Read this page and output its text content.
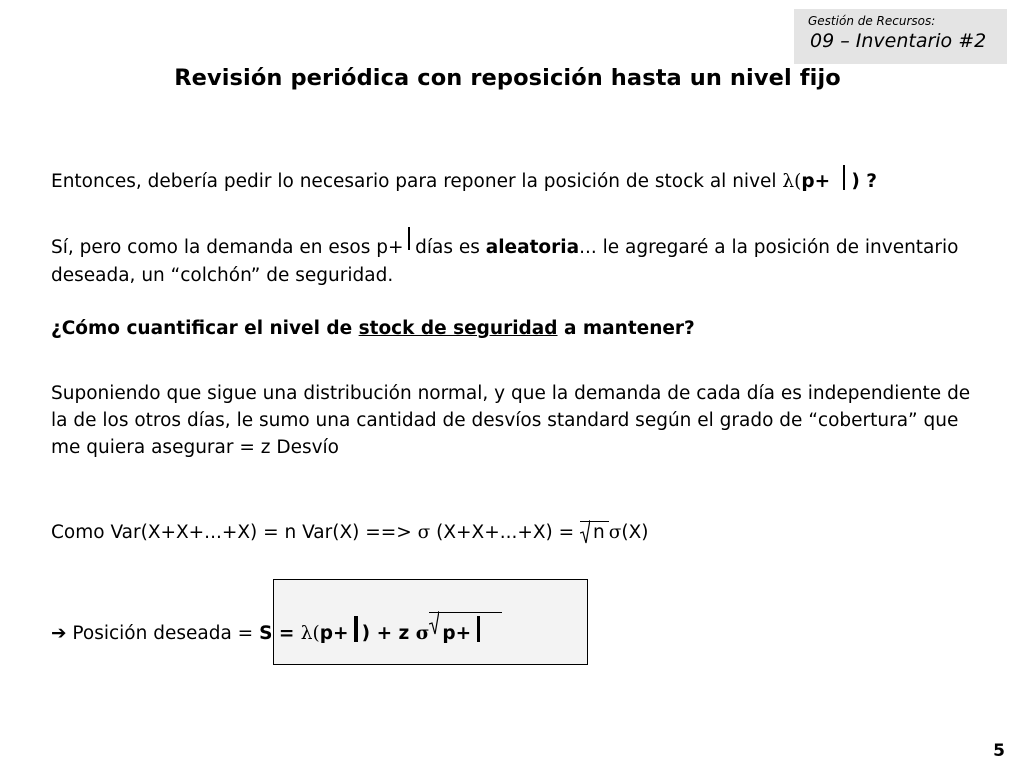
Gestión de Recursos:
09 – Inventario #2
Revisión periódica con reposición hasta un nivel fijo
Entonces, debería pedir lo necesario para reponer la posición de stock al nivel λ(p+ ) ?
Sí, pero como la demanda en esos p+ días es aleatoria... le agregaré a la posición de inventario deseada, un “colchón” de seguridad.
¿Cómo cuantificar el nivel de stock de seguridad a mantener?
Suponiendo que sigue una distribución normal, y que la demanda de cada día es independiente de la de los otros días, le sumo una cantidad de desvíos standard según el grado de “cobertura” que me quiera asegurar = z Desvío
Como Var(X+X+...+X) = n Var(X) ==> σ (X+X+...+X) =
n σ(X)
➔ Posición deseada = S = λ(p+ ) + z σ
p+
5
